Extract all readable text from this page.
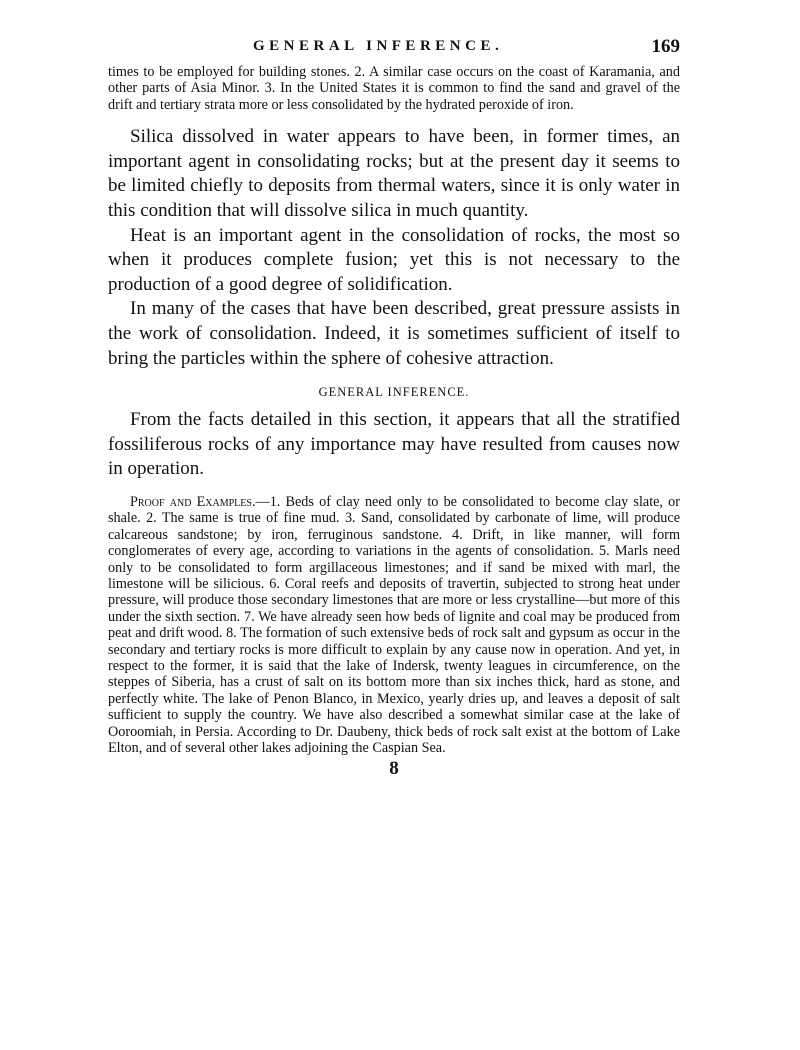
GENERAL INFERENCE.	169

times to be employed for building stones. 2. A similar case occurs on the coast of Karamania, and other parts of Asia Minor. 3. In the United States it is common to find the sand and gravel of the drift and tertiary strata more or less consolidated by the hydrated peroxide of iron.

Silica dissolved in water appears to have been, in former times, an important agent in consolidating rocks; but at the present day it seems to be limited chiefly to deposits from thermal waters, since it is only water in this condition that will dissolve silica in much quantity.

Heat is an important agent in the consolidation of rocks, the most so when it produces complete fusion; yet this is not necessary to the production of a good degree of solidification.

In many of the cases that have been described, great pressure assists in the work of consolidation. Indeed, it is sometimes sufficient of itself to bring the particles within the sphere of cohesive attraction.

GENERAL INFERENCE.

From the facts detailed in this section, it appears that all the stratified fossiliferous rocks of any importance may have resulted from causes now in operation.

Proof and Examples.—1. Beds of clay need only to be consolidated to become clay slate, or shale. 2. The same is true of fine mud. 3. Sand, consolidated by carbonate of lime, will produce calcareous sandstone; by iron, ferruginous sandstone. 4. Drift, in like manner, will form conglomerates of every age, according to variations in the agents of consolidation. 5. Marls need only to be consolidated to form argillaceous limestones; and if sand be mixed with marl, the limestone will be silicious. 6. Coral reefs and deposits of travertin, subjected to strong heat under pressure, will produce those secondary limestones that are more or less crystalline—but more of this under the sixth section. 7. We have already seen how beds of lignite and coal may be produced from peat and drift wood. 8. The formation of such extensive beds of rock salt and gypsum as occur in the secondary and tertiary rocks is more difficult to explain by any cause now in operation. And yet, in respect to the former, it is said that the lake of Indersk, twenty leagues in circumference, on the steppes of Siberia, has a crust of salt on its bottom more than six inches thick, hard as stone, and perfectly white. The lake of Penon Blanco, in Mexico, yearly dries up, and leaves a deposit of salt sufficient to supply the country. We have also described a somewhat similar case at the lake of Ooroomiah, in Persia. According to Dr. Daubeny, thick beds of rock salt exist at the bottom of Lake Elton, and of several other lakes adjoining the Caspian Sea.

8
